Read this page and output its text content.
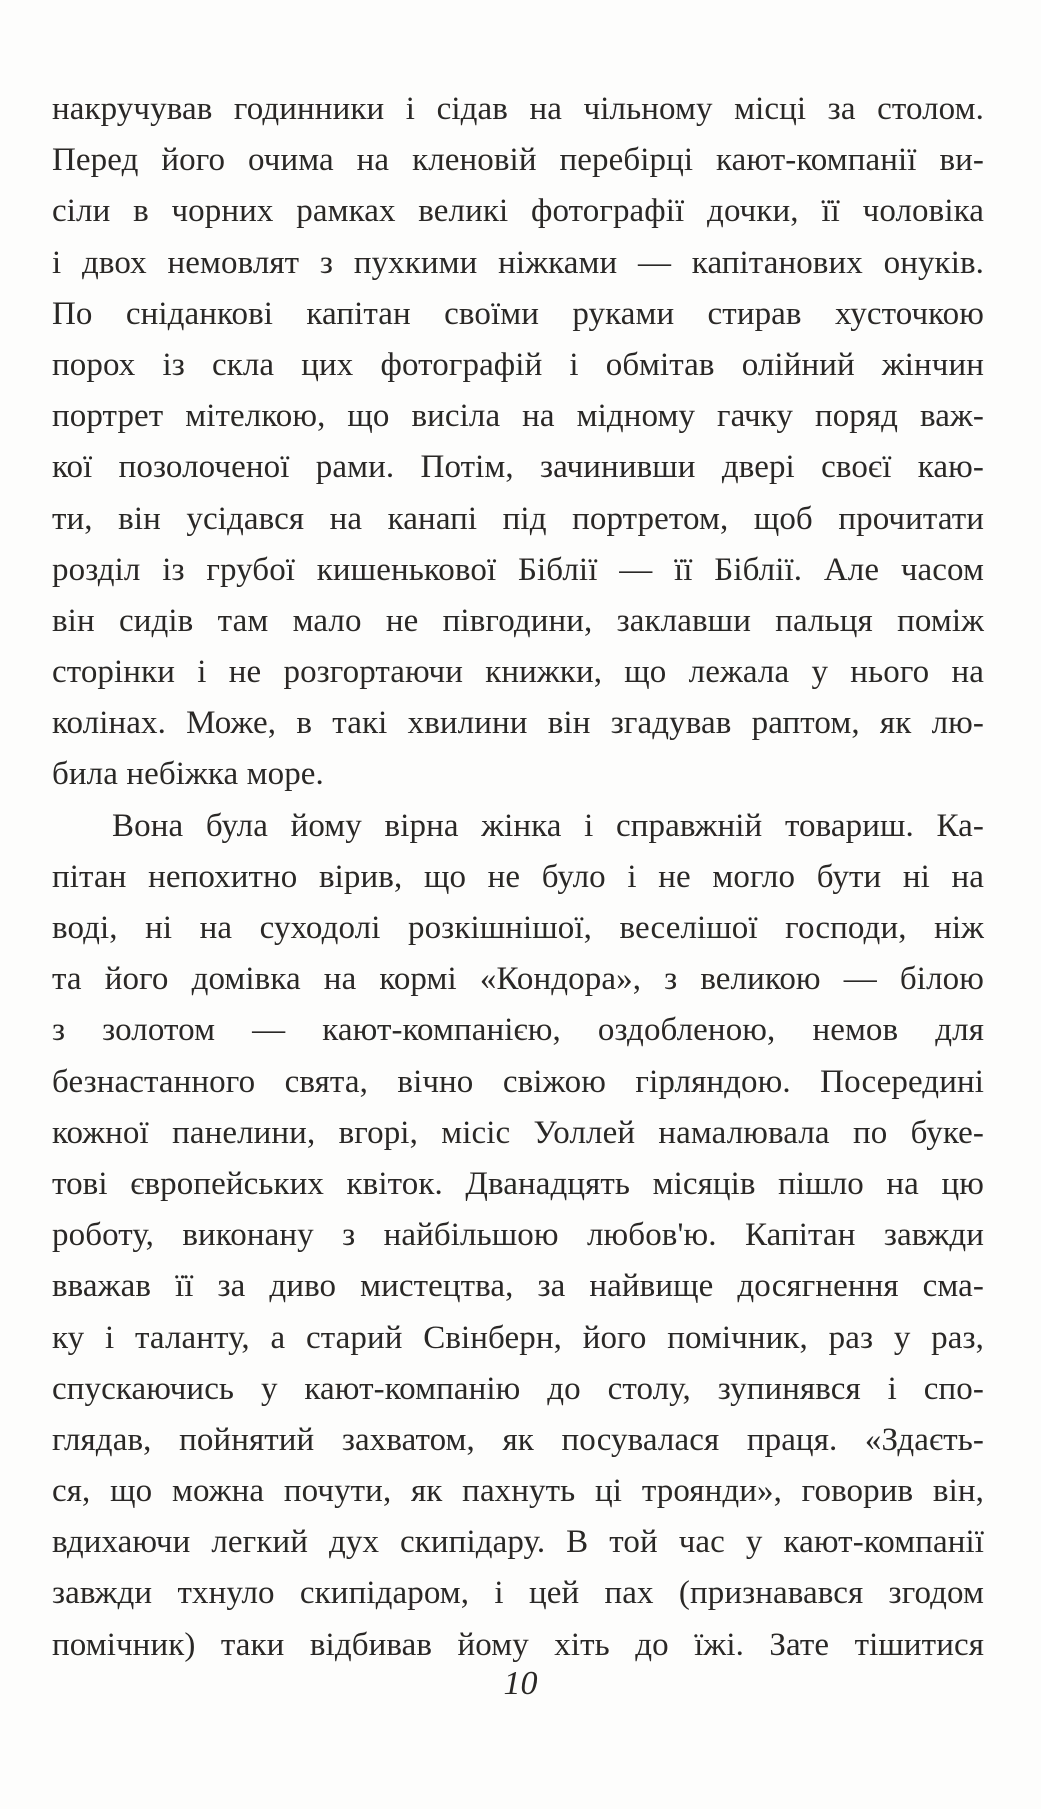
накручував годинники і сідав на чільному місці за столом.
Перед його очима на кленовій перебірці кают-компанії ви-
сіли в чорних рамках великі фотографії дочки, її чоловіка
і двох немовлят з пухкими ніжками — капітанових онуків.
По сніданкові капітан своїми руками стирав хусточкою
порох із скла цих фотографій і обмітав олійний жінчин
портрет мітелкою, що висіла на мідному гачку поряд важ-
кої позолоченої рами. Потім, зачинивши двері своєї каю-
ти, він усідався на канапі під портретом, щоб прочитати
розділ із грубої кишенькової Біблії — її Біблії. Але часом
він сидів там мало не півгодини, заклавши пальця поміж
сторінки і не розгортаючи книжки, що лежала у нього на
колінах. Може, в такі хвилини він згадував раптом, як лю-
била небіжка море.
Вона була йому вірна жінка і справжній товариш. Ка-
пітан непохитно вірив, що не було і не могло бути ні на
воді, ні на суходолі розкішнішої, веселішої господи, ніж
та його домівка на кормі «Кондора», з великою — білою
з золотом — кают-компанією, оздобленою, немов для
безнастанного свята, вічно свіжою гірляндою. Посередині
кожної панелини, вгорі, місіс Уоллей намалювала по буке-
тові європейських квіток. Дванадцять місяців пішло на цю
роботу, виконану з найбільшою любов'ю. Капітан завжди
вважав її за диво мистецтва, за найвище досягнення сма-
ку і таланту, а старий Свінберн, його помічник, раз у раз,
спускаючись у кают-компанію до столу, зупинявся і спо-
глядав, пойнятий захватом, як посувалася праця. «Здаєть-
ся, що можна почути, як пахнуть ці троянди», говорив він,
вдихаючи легкий дух скипідару. В той час у кают-компанії
завжди тхнуло скипідаром, і цей пах (признавався згодом
помічник) таки відбивав йому хіть до їжі. Зате тішитися
10
